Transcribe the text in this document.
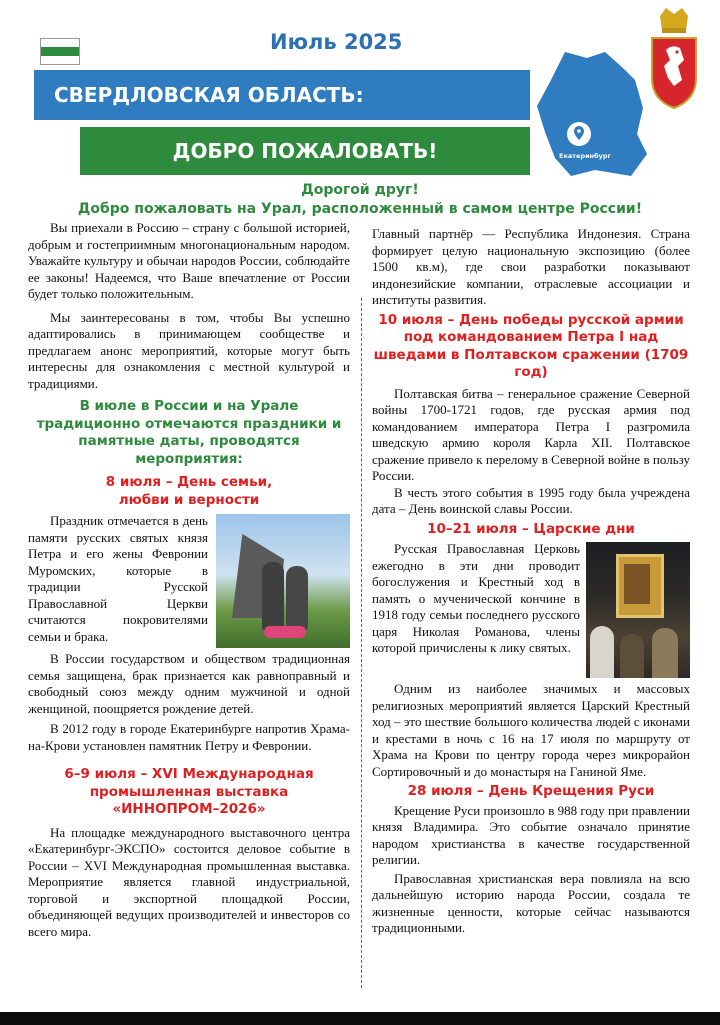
Июль 2025
СВЕРДЛОВСКАЯ ОБЛАСТЬ:
ДОБРО ПОЖАЛОВАТЬ!	Екатеринбург
Дорогой друг!
Добро пожаловать на Урал, расположенный в самом центре России!

Вы приехали в Россию – страну с большой историей, добрым и гостеприимным многонациональным народом. Уважайте культуру и обычаи народов России, соблюдайте ее законы! Надеемся, что Ваше впечатление от России будет только положительным.

Мы заинтересованы в том, чтобы Вы успешно адаптировались в принимающем сообществе и предлагаем анонс мероприятий, которые могут быть интересны для ознакомления с местной культурой и традициями.

В июле в России и на Урале традиционно отмечаются праздники и памятные даты, проводятся мероприятия:
8 июля – День семьи, любви и верности

Праздник отмечается в день памяти русских святых князя Петра и его жены Февронии Муромских, которые в традиции Русской Православной Церкви считаются покровителями семьи и брака.

В России государством и обществом традиционная семья защищена, брак признается как равноправный и свободный союз между одним мужчиной и одной женщиной, поощряется рождение детей.

В 2012 году в городе Екатеринбурге напротив Храма-на-Крови установлен памятник Петру и Февронии.

6–9 июля – XVI Международная промышленная выставка «ИННОПРОМ–2026»

На площадке международного выставочного центра «Екатеринбург-ЭКСПО» состоится деловое событие в России – XVI Международная промышленная выставка. Мероприятие является главной индустриальной, торговой и экспортной площадкой России, объединяющей ведущих производителей и инвесторов со всего мира.

Главный партнёр — Республика Индонезия. Страна формирует целую национальную экспозицию (более 1500 кв.м), где свои разработки показывают индонезийские компании, отраслевые ассоциации и институты развития.

10 июля – День победы русской армии под командованием Петра I над шведами в Полтавском сражении (1709 год)

Полтавская битва – генеральное сражение Северной войны 1700-1721 годов, где русская армия под командованием императора Петра I разгромила шведскую армию короля Карла XII. Полтавское сражение привело к перелому в Северной войне в пользу России.

В честь этого события в 1995 году была учреждена дата – День воинской славы России.

10–21 июля – Царские дни

Русская Православная Церковь ежегодно в эти дни проводит богослужения и Крестный ход в память о мученической кончине в 1918 году семьи последнего русского царя Николая Романова, члены которой причислены к лику святых.

Одним из наиболее значимых и массовых религиозных мероприятий является Царский Крестный ход – это шествие большого количества людей с иконами и крестами в ночь с 16 на 17 июля по маршруту от Храма на Крови по центру города через микрорайон Сортировочный и до монастыря на Ганиной Яме.

28 июля – День Крещения Руси

Крещение Руси произошло в 988 году при правлении князя Владимира. Это событие означало принятие народом христианства в качестве государственной религии.

Православная христианская вера повлияла на всю дальнейшую историю народа России, создала те жизненные ценности, которые сейчас называются традиционными.
